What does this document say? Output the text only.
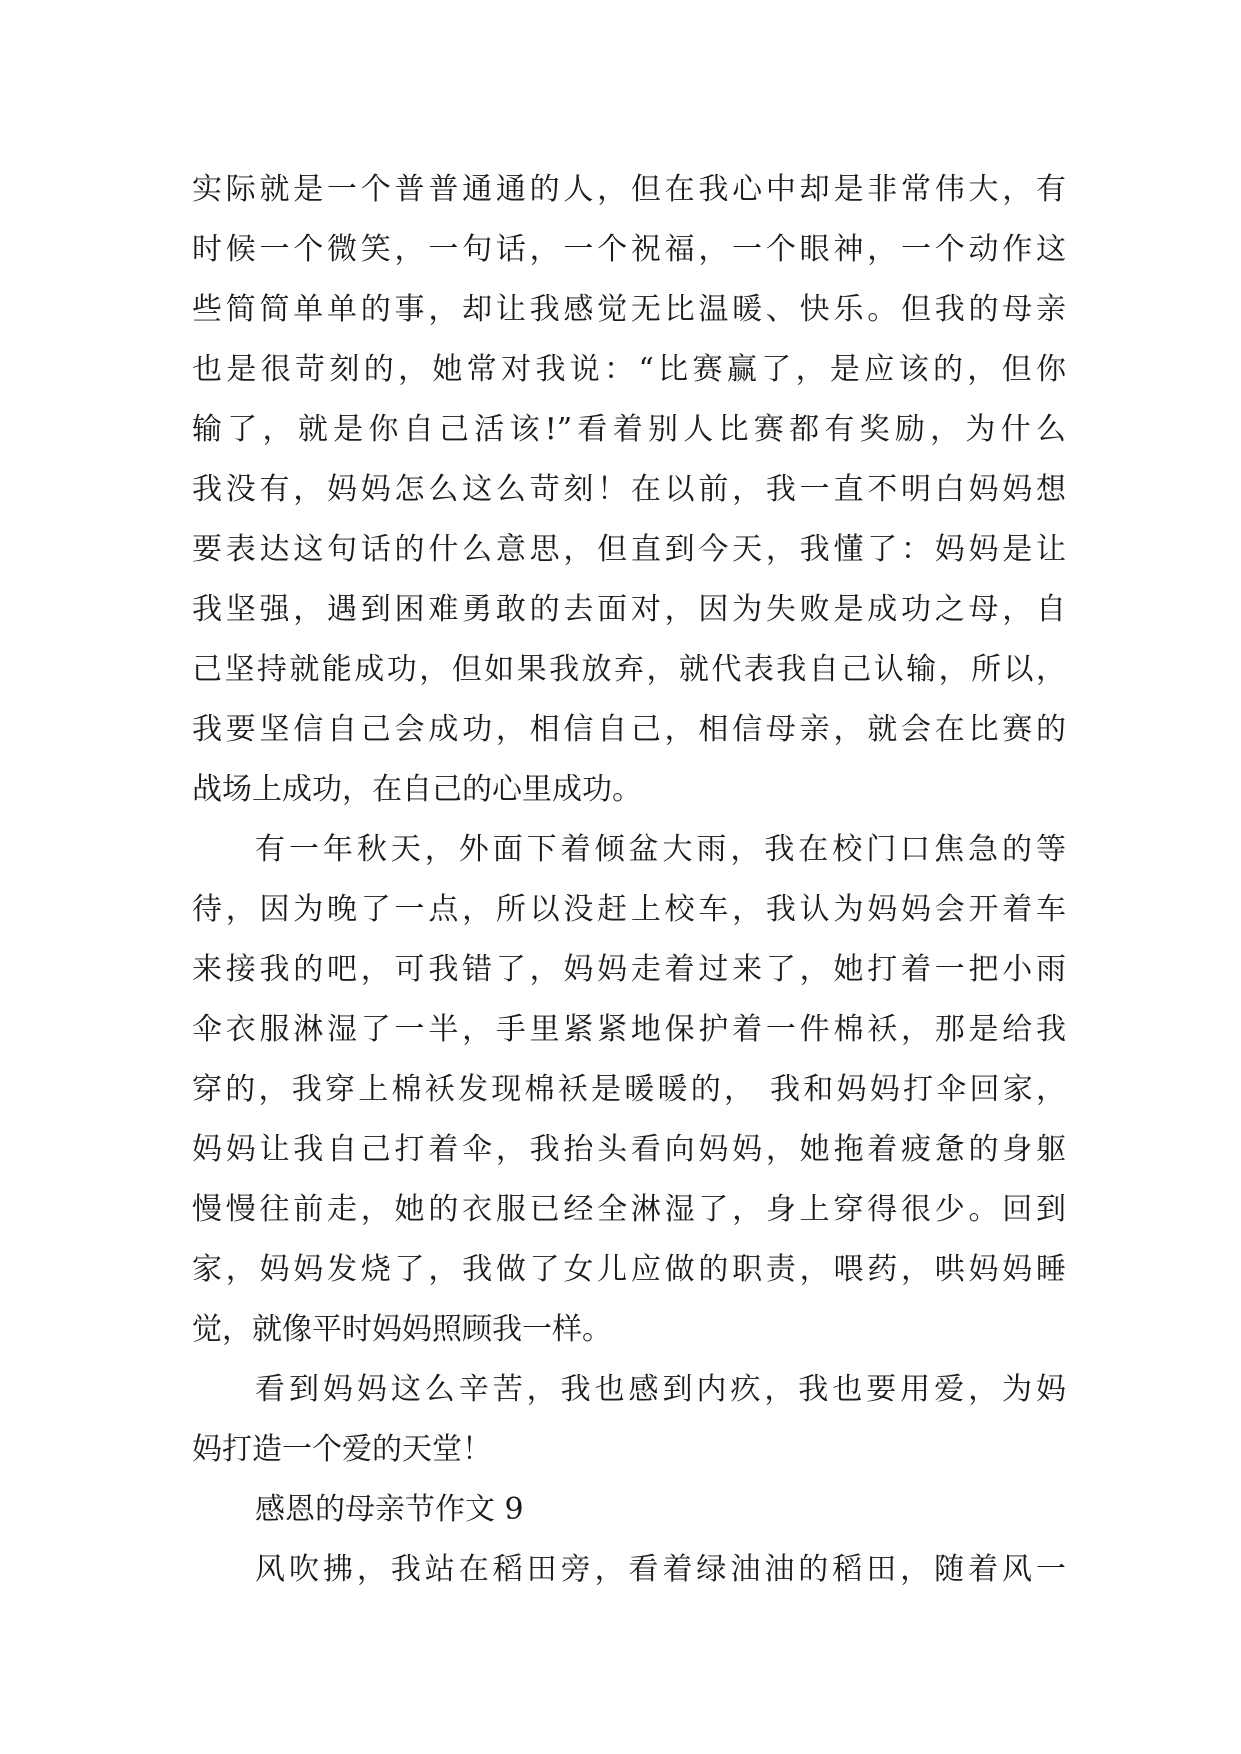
实际就是一个普普通通的人，但在我心中却是非常伟大，有
时候一个微笑，一句话，一个祝福，一个眼神，一个动作这
些简简单单的事，却让我感觉无比温暖、快乐。但我的母亲
也是很苛刻的，她常对我说：“比赛赢了，是应该的，但你
输了，就是你自己活该!”看着别人比赛都有奖励，为什么
我没有，妈妈怎么这么苛刻！在以前，我一直不明白妈妈想
要表达这句话的什么意思，但直到今天，我懂了：妈妈是让
我坚强，遇到困难勇敢的去面对，因为失败是成功之母，自
己坚持就能成功，但如果我放弃，就代表我自己认输，所以，
我要坚信自己会成功，相信自己，相信母亲，就会在比赛的
战场上成功，在自己的心里成功。
有一年秋天，外面下着倾盆大雨，我在校门口焦急的等
待，因为晚了一点，所以没赶上校车，我认为妈妈会开着车
来接我的吧，可我错了，妈妈走着过来了，她打着一把小雨
伞衣服淋湿了一半，手里紧紧地保护着一件棉袄，那是给我
穿的，我穿上棉袄发现棉袄是暖暖的， 我和妈妈打伞回家，
妈妈让我自己打着伞，我抬头看向妈妈，她拖着疲惫的身躯
慢慢往前走，她的衣服已经全淋湿了，身上穿得很少。回到
家，妈妈发烧了，我做了女儿应做的职责，喂药，哄妈妈睡
觉，就像平时妈妈照顾我一样。
看到妈妈这么辛苦，我也感到内疚，我也要用爱，为妈
妈打造一个爱的天堂！
感恩的母亲节作文 9
风吹拂，我站在稻田旁，看着绿油油的稻田，随着风一
